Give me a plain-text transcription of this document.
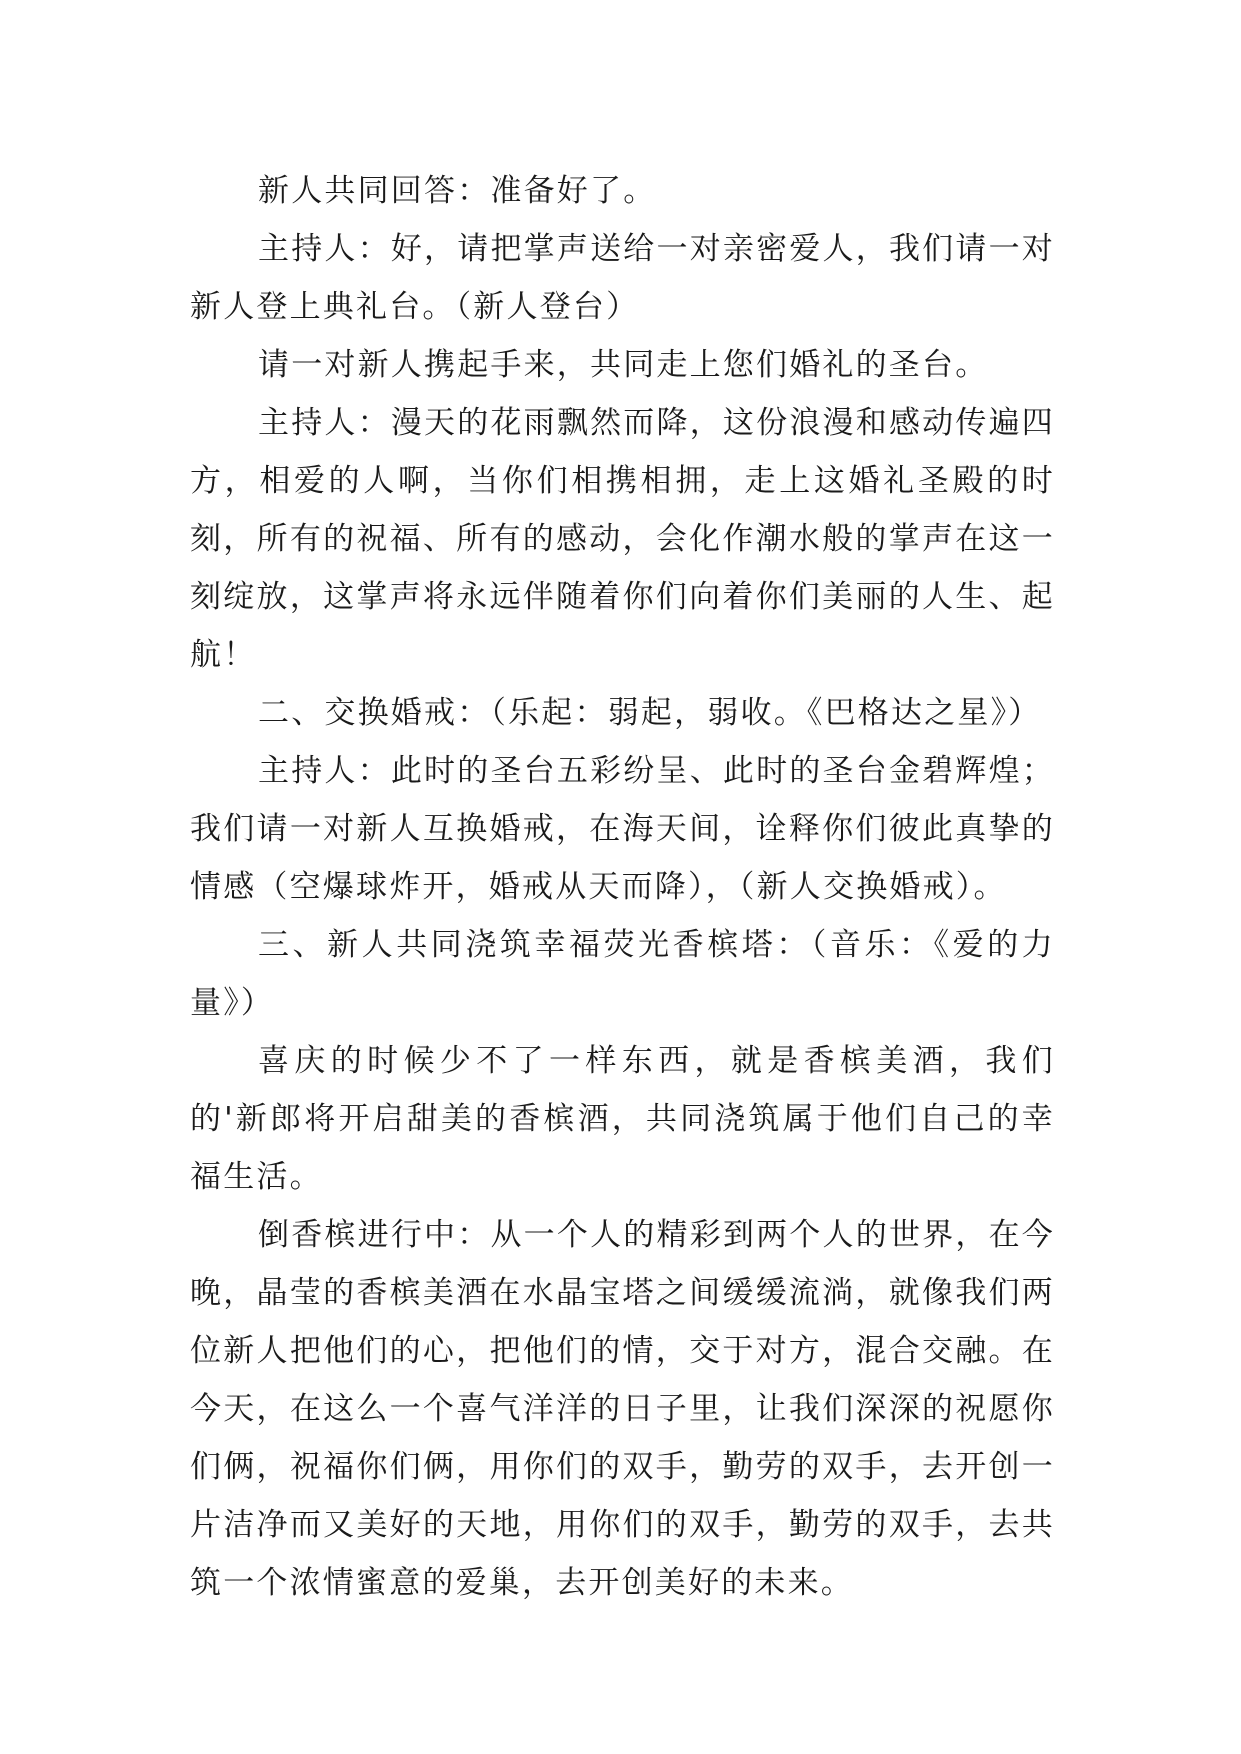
新人共同回答：准备好了。

主持人：好，请把掌声送给一对亲密爱人，我们请一对新人登上典礼台。（新人登台）

请一对新人携起手来，共同走上您们婚礼的圣台。

主持人：漫天的花雨飘然而降，这份浪漫和感动传遍四方，相爱的人啊，当你们相携相拥，走上这婚礼圣殿的时刻，所有的祝福、所有的感动，会化作潮水般的掌声在这一刻绽放，这掌声将永远伴随着你们向着你们美丽的人生、起航！

二、交换婚戒：（乐起：弱起，弱收。《巴格达之星》）

主持人：此时的圣台五彩纷呈、此时的圣台金碧辉煌；我们请一对新人互换婚戒，在海天间，诠释你们彼此真挚的情感（空爆球炸开，婚戒从天而降），（新人交换婚戒）。

三、新人共同浇筑幸福荧光香槟塔：（音乐：《爱的力量》）

喜庆的时候少不了一样东西，就是香槟美酒，我们的'新郎将开启甜美的香槟酒，共同浇筑属于他们自己的幸福生活。

倒香槟进行中：从一个人的精彩到两个人的世界，在今晚，晶莹的香槟美酒在水晶宝塔之间缓缓流淌，就像我们两位新人把他们的心，把他们的情，交于对方，混合交融。在今天，在这么一个喜气洋洋的日子里，让我们深深的祝愿你们俩，祝福你们俩，用你们的双手，勤劳的双手，去开创一片洁净而又美好的天地，用你们的双手，勤劳的双手，去共筑一个浓情蜜意的爱巢，去开创美好的未来。
